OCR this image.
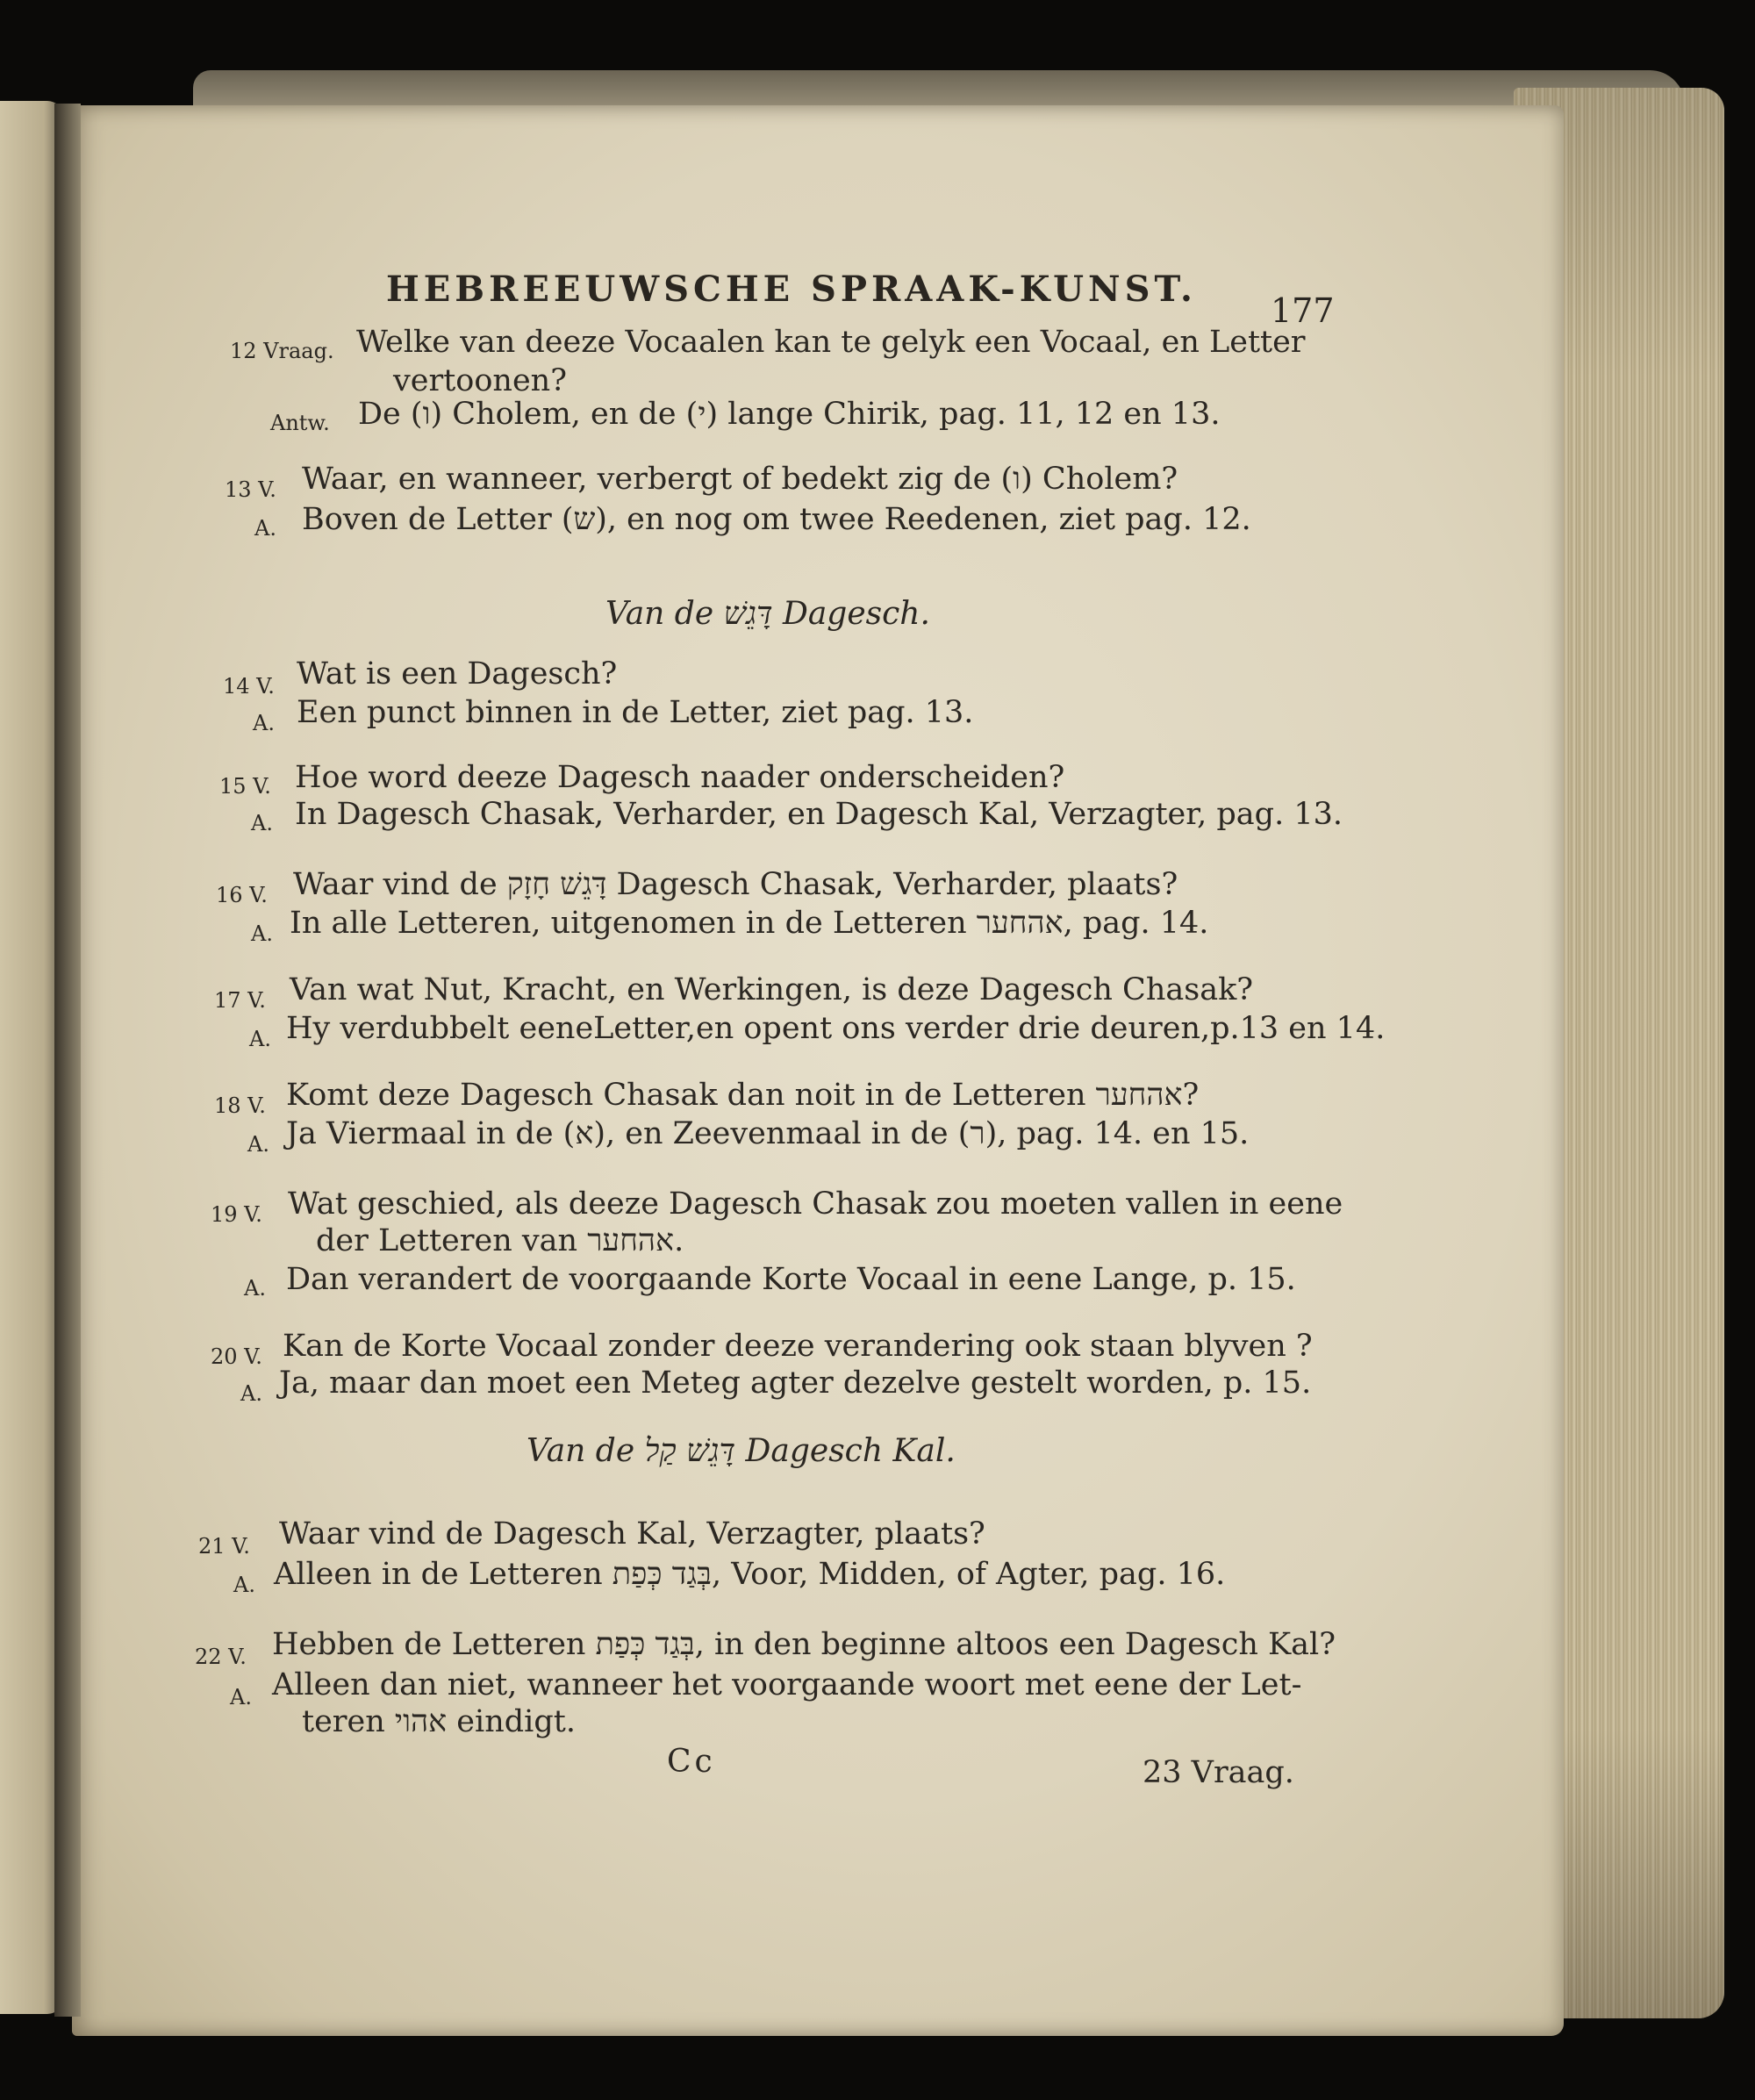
HEBREEUWSCHE SPRAAK-KUNST.
177
12 Vraag. Welke van deeze Vocaalen kan te gelyk een Vocaal, en Letter
vertoonen?
Antw. De (ו) Cholem, en de (י) lange Chirik, pag. 11, 12 en 13.
13 V. Waar, en wanneer, verbergt of bedekt zig de (ו) Cholem?
A. Boven de Letter (ש), en nog om twee Reedenen, ziet pag. 12.
Van de דָּגֵשׁ Dagesch.
14 V. Wat is een Dagesch?
A. Een punct binnen in de Letter, ziet pag. 13.
15 V. Hoe word deeze Dagesch naader onderscheiden?
A. In Dagesch Chasak, Verharder, en Dagesch Kal, Verzagter, pag. 13.
16 V. Waar vind de דָּגֵשׁ חָזָק Dagesch Chasak, Verharder, plaats?
A. In alle Letteren, uitgenomen in de Letteren אהחער, pag. 14.
17 V. Van wat Nut, Kracht, en Werkingen, is deze Dagesch Chasak?
A. Hy verdubbelt eeneLetter,en opent ons verder drie deuren,p.13 en 14.
18 V. Komt deze Dagesch Chasak dan noit in de Letteren אהחער?
A. Ja Viermaal in de (א), en Zeevenmaal in de (ר), pag. 14. en 15.
19 V. Wat geschied, als deeze Dagesch Chasak zou moeten vallen in eene
der Letteren van אהחער.
A. Dan verandert de voorgaande Korte Vocaal in eene Lange, p. 15.
20 V. Kan de Korte Vocaal zonder deeze verandering ook staan blyven ?
A. Ja, maar dan moet een Meteg agter dezelve gestelt worden, p. 15.
Van de דָּגֵשׁ קַל Dagesch Kal.
21 V. Waar vind de Dagesch Kal, Verzagter, plaats?
A. Alleen in de Letteren בְּגַד כְּפַת, Voor, Midden, of Agter, pag. 16.
22 V. Hebben de Letteren בְּגַד כְּפַת, in den beginne altoos een Dagesch Kal?
A. Alleen dan niet, wanneer het voorgaande woort met eene der Let-
teren אהוי eindigt.
Cc	23 Vraag.
